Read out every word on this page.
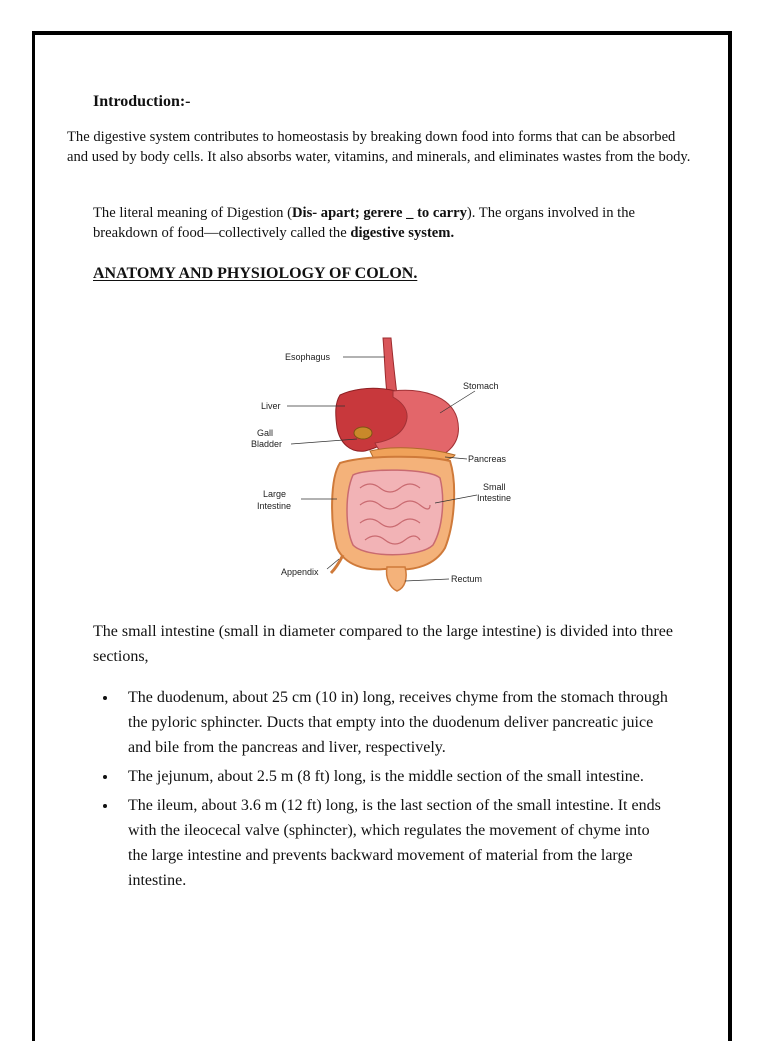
Introduction:-

The digestive system contributes to homeostasis by breaking down food into forms that can be absorbed and used by body cells. It also absorbs water, vitamins, and minerals, and eliminates wastes from the body.

The literal meaning of Digestion (Dis- apart; gerere _ to carry). The organs involved in the breakdown of food—collectively called the digestive system.

ANATOMY AND PHYSIOLOGY OF COLON.
Esophagus
Stomach
Liver
Gall
Bladder
Pancreas
Small
Intestine
Large
Intestine
Appendix
Rectum

The small intestine (small in diameter compared to the large intestine) is divided into three sections,

The duodenum, about 25 cm (10 in) long, receives chyme from the stomach through the pyloric sphincter. Ducts that empty into the duodenum deliver pancreatic juice and bile from the pancreas and liver, respectively.
The jejunum, about 2.5 m (8 ft) long, is the middle section of the small intestine.
The ileum, about 3.6 m (12 ft) long, is the last section of the small intestine. It ends with the ileocecal valve (sphincter), which regulates the movement of chyme into the large intestine and prevents backward movement of material from the large intestine.
